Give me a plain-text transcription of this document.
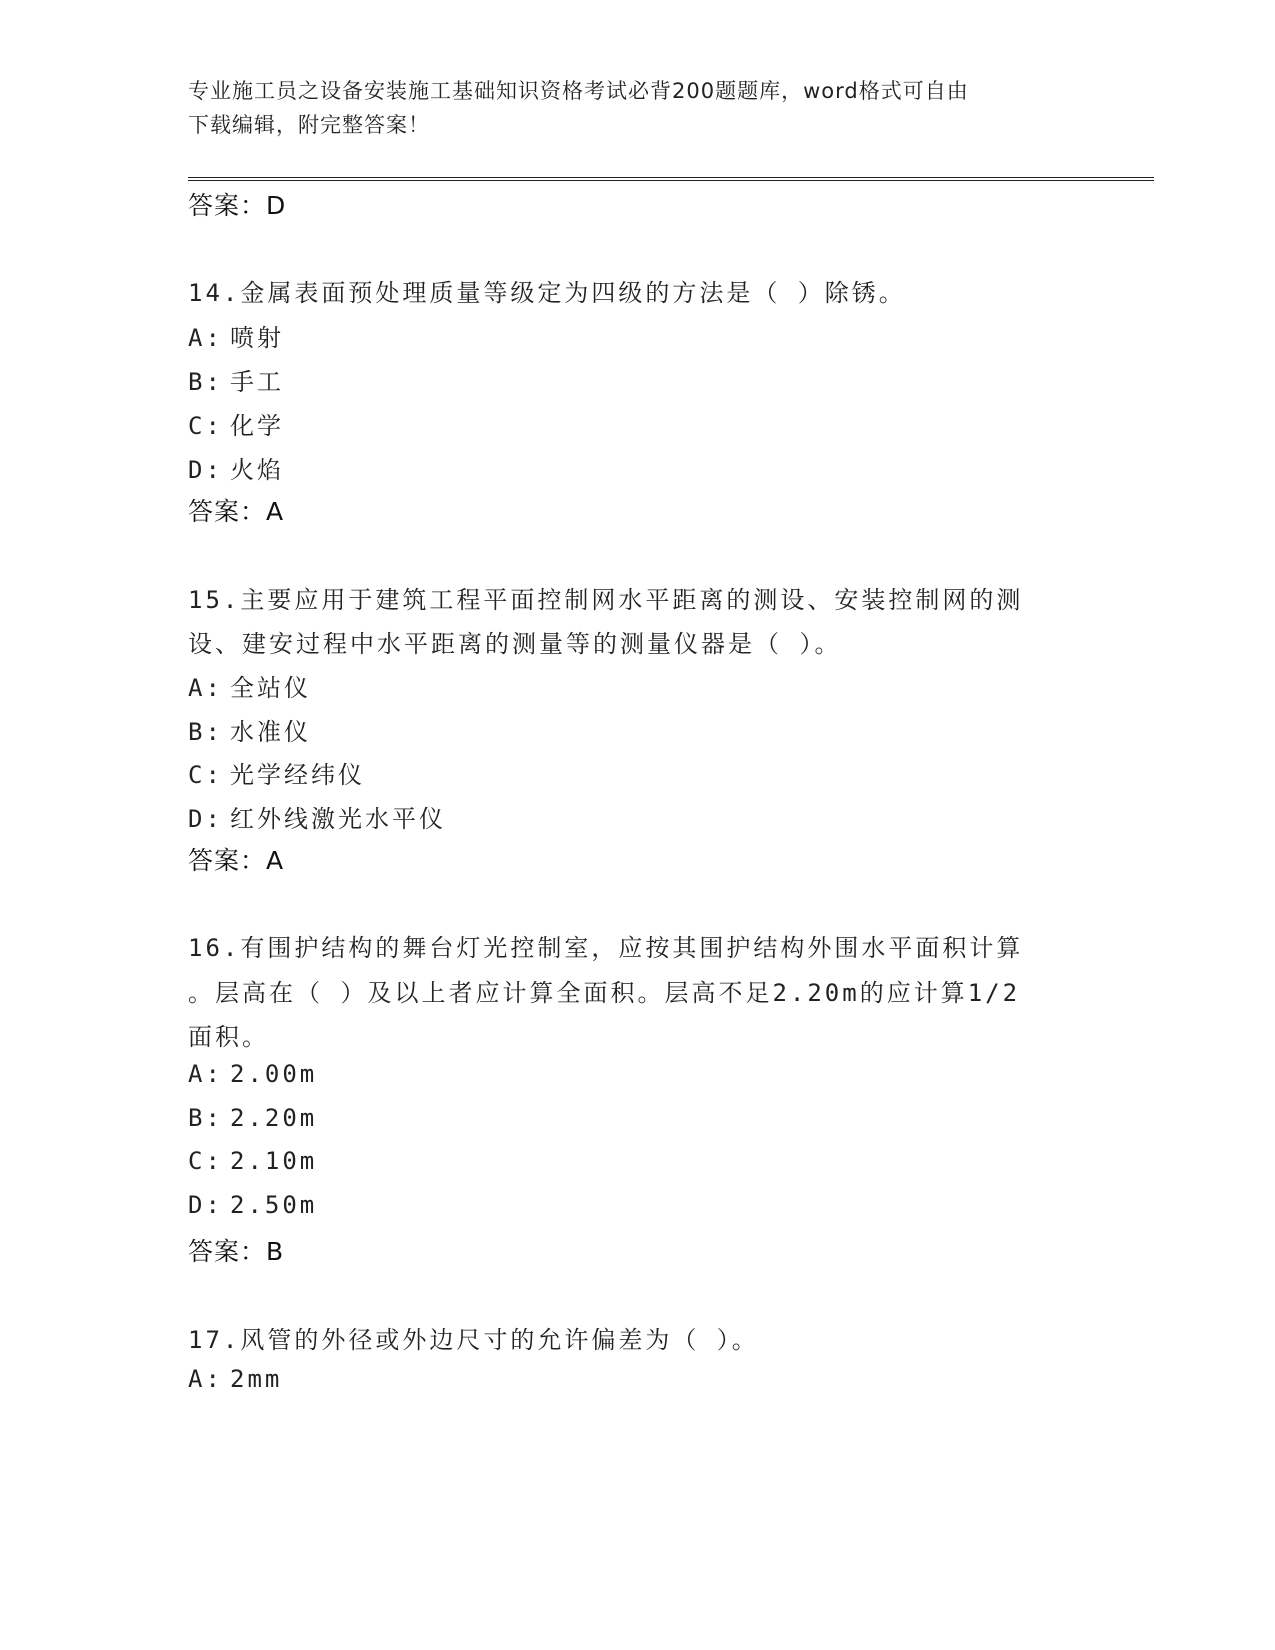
专业施工员之设备安装施工基础知识资格考试必背200题题库，word格式可自由
下载编辑，附完整答案！
答案：D
14.金属表面预处理质量等级定为四级的方法是（ ）除锈。
A: 喷射
B: 手工
C: 化学
D: 火焰
答案：A
15.主要应用于建筑工程平面控制网水平距离的测设、安装控制网的测
设、建安过程中水平距离的测量等的测量仪器是（ ）。
A: 全站仪
B: 水准仪
C: 光学经纬仪
D: 红外线激光水平仪
答案：A
16.有围护结构的舞台灯光控制室，应按其围护结构外围水平面积计算
。层高在（ ）及以上者应计算全面积。层高不足2.20m的应计算1/2
面积。
A: 2.00m
B: 2.20m
C: 2.10m
D: 2.50m
答案：B
17.风管的外径或外边尺寸的允许偏差为（ ）。
A: 2mm
